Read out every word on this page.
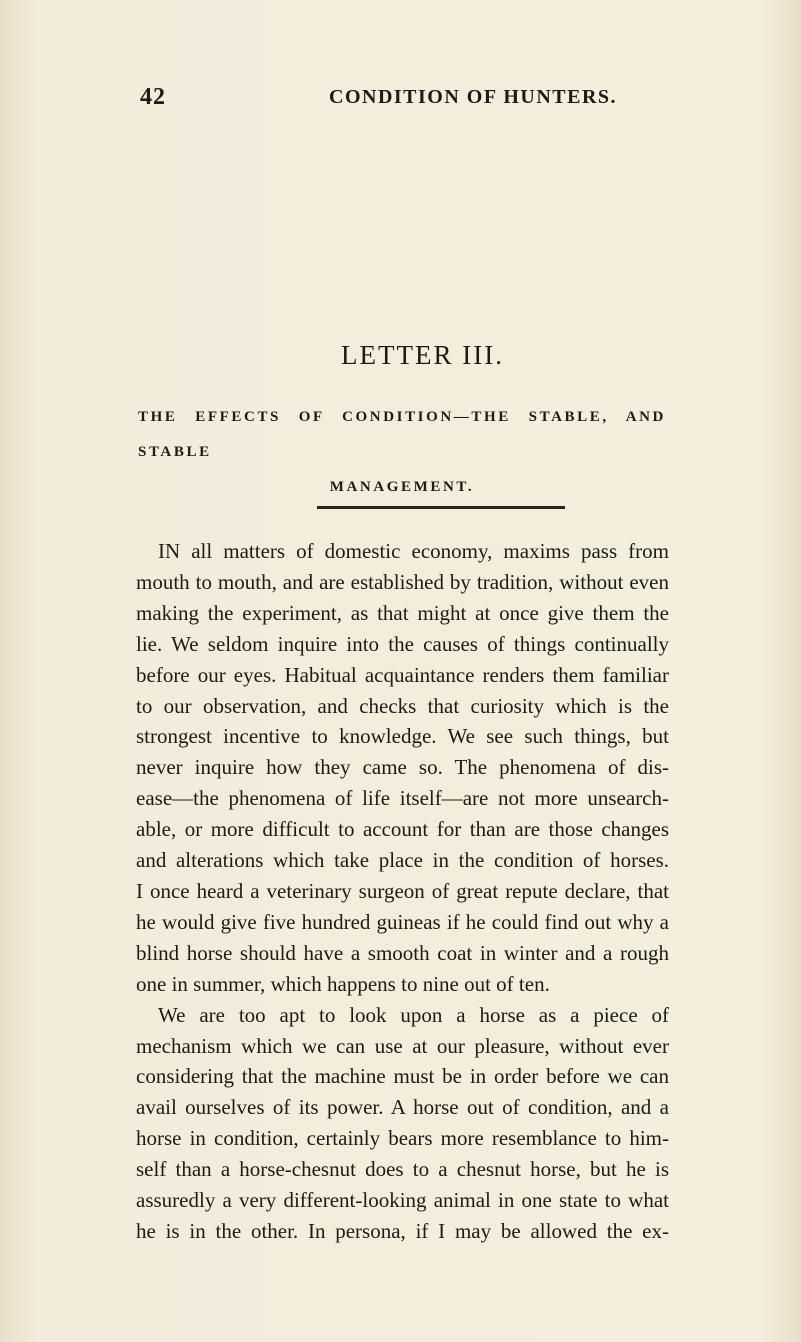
42	CONDITION OF HUNTERS.
LETTER III.
THE EFFECTS OF CONDITION—THE STABLE, AND STABLE
MANAGEMENT.
IN all matters of domestic economy, maxims pass from
mouth to mouth, and are established by tradition, without even
making the experiment, as that might at once give them the
lie. We seldom inquire into the causes of things continually
before our eyes. Habitual acquaintance renders them familiar
to our observation, and checks that curiosity which is the
strongest incentive to knowledge. We see such things, but
never inquire how they came so. The phenomena of dis-
ease—the phenomena of life itself—are not more unsearch-
able, or more difficult to account for than are those changes
and alterations which take place in the condition of horses.
I once heard a veterinary surgeon of great repute declare, that
he would give five hundred guineas if he could find out why a
blind horse should have a smooth coat in winter and a rough
one in summer, which happens to nine out of ten.
We are too apt to look upon a horse as a piece of
mechanism which we can use at our pleasure, without ever
considering that the machine must be in order before we can
avail ourselves of its power. A horse out of condition, and a
horse in condition, certainly bears more resemblance to him-
self than a horse-chesnut does to a chesnut horse, but he is
assuredly a very different-looking animal in one state to what
he is in the other. In persona, if I may be allowed the ex-
